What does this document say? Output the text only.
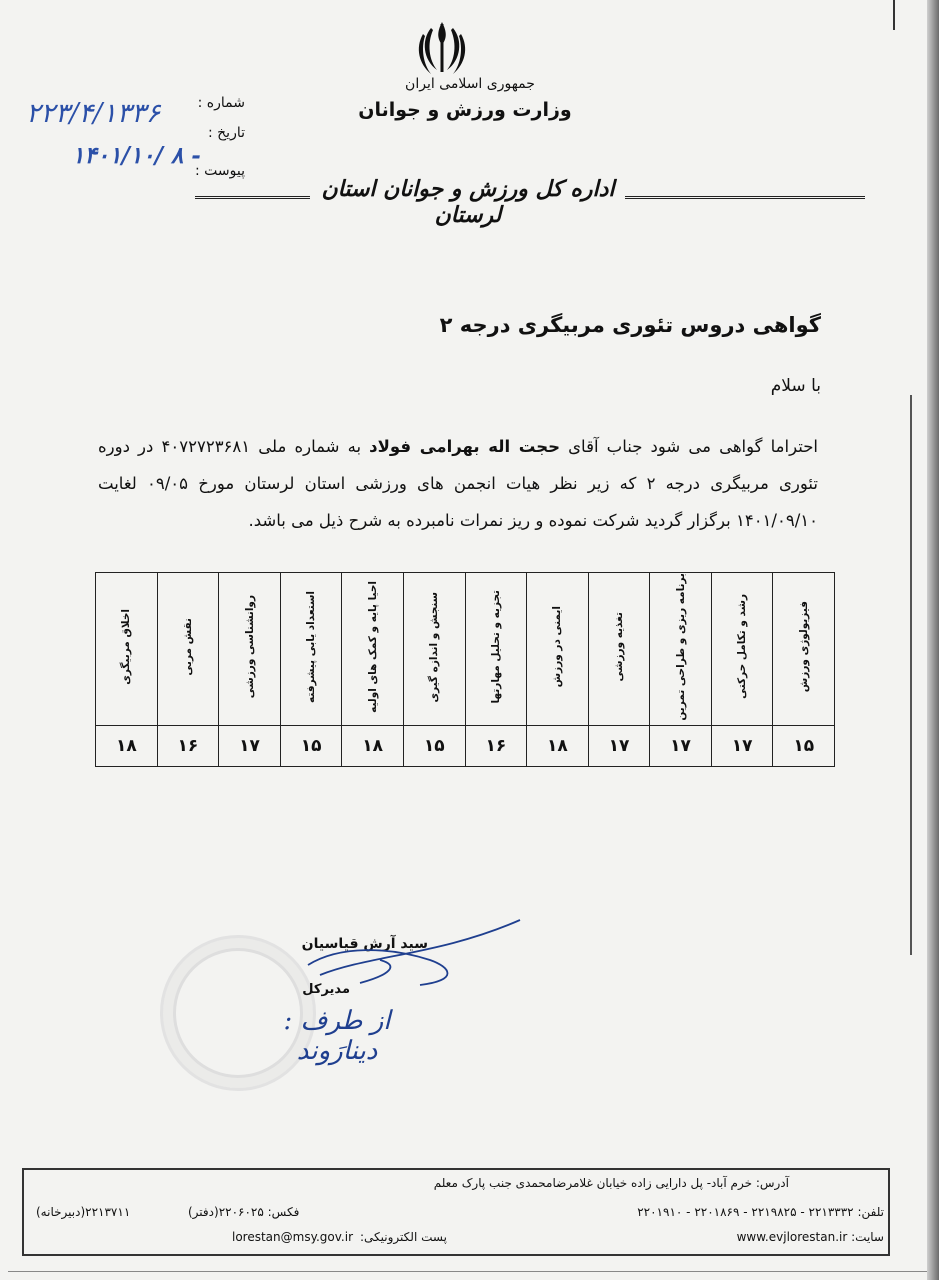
جمهوری اسلامی ایران
وزارت ورزش و جوانان
شماره :
تاریخ :
پیوست :
۲۲۳/۴/۱۳۳۶
۱۴۰۱/۱۰/ ۸ -
اداره کل ورزش و جوانان استان لرستان
گواهی دروس تئوری مربیگری درجه ۲
با سلام
احتراما گواهی می شود جناب آقای حجت اله بهرامی فولاد به شماره ملی ۴۰۷۲۷۲۳۶۸۱ در دوره تئوری مربیگری درجه ۲ که زیر نظر هیات انجمن های ورزشی استان لرستان مورخ ۰۹/۰۵ لغایت ۱۴۰۱/۰۹/۱۰ برگزار گردید شرکت نموده و ریز نمرات نامبرده به شرح ذیل می باشد.
فیزیولوژی ورزش	رشد و تکامل حرکتی	برنامه ریزی و طراحی تمرین	تغذیه ورزشی	ایمنی در ورزش	تجزیه و تحلیل مهارتها	سنجش و اندازه گیری	احیا پایه و کمک های اولیه	استعداد یابی پیشرفته	روانشناسی ورزشی	نقش مربی	اخلاق مربیگری
۱۵	۱۷	۱۷	۱۷	۱۸	۱۶	۱۵	۱۸	۱۵	۱۷	۱۶	۱۸
سید آرش قیاسیان
مدیرکل
از طرف : دینارَوند
آدرس: خرم آباد- پل دارایی زاده خیابان غلامرضامحمدی جنب پارک معلم
تلفن: ۲۲۱۳۳۳۲ - ۲۲۱۹۸۲۵ - ۲۲۰۱۸۶۹ - ۲۲۰۱۹۱۰
فکس: ۲۲۰۶۰۲۵(دفتر)
۲۲۱۳۷۱۱(دبیرخانه)
سایت: www.evjlorestan.ir
پست الکترونیکی:
lorestan@msy.gov.ir
